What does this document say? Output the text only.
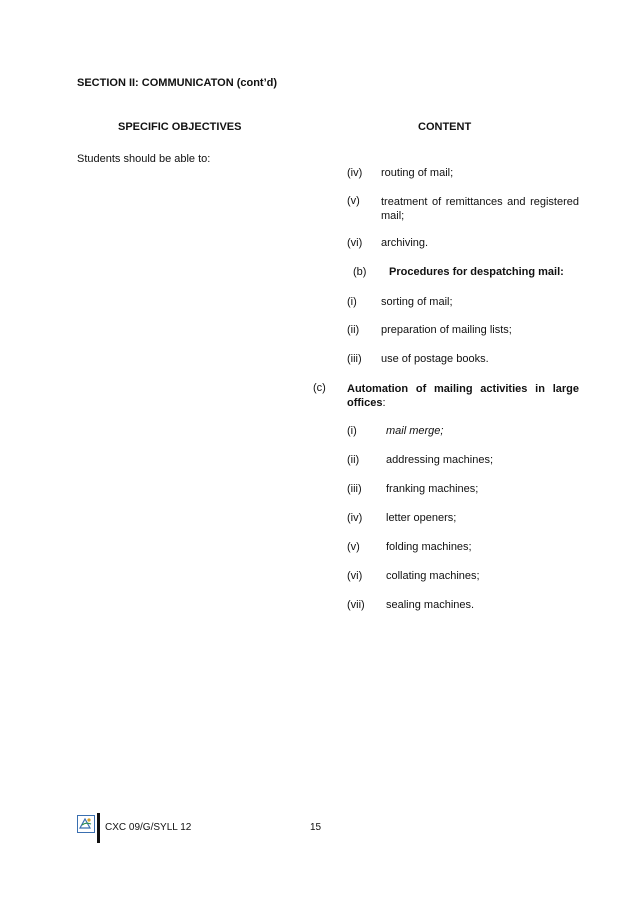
SECTION II: COMMUNICATON (cont’d)
SPECIFIC OBJECTIVES	CONTENT
Students should be able to:
(iv) routing of mail;
(v) treatment of remittances and registered mail;
(vi) archiving.
(b) Procedures for despatching mail:
(i) sorting of mail;
(ii) preparation of mailing lists;
(iii) use of postage books.
(c) Automation of mailing activities in large offices:
(i)	mail merge;
(ii) addressing machines;
(iii) franking machines;
(iv) letter openers;
(v) folding machines;
(vi) collating machines;
(vii) sealing machines.
CXC 09/G/SYLL 12	15
